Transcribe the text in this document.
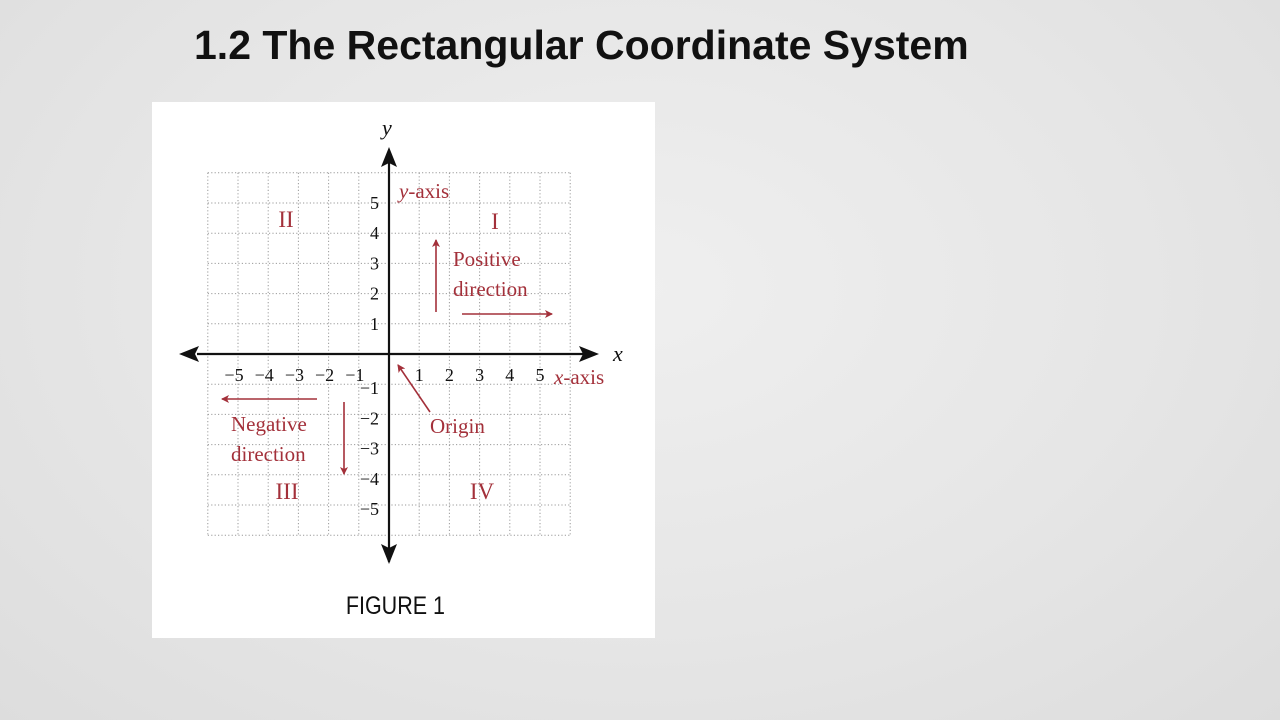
1.2 The Rectangular Coordinate System
y
x
−5 −4 −3 −2 −1	1 2 3 4 5
5
4
3
2
1
−1
−2
−3
−4
−5
y-axis
x-axis
I
II
III	IV
Positive
direction
Negative
direction
Origin
FIGURE 1
